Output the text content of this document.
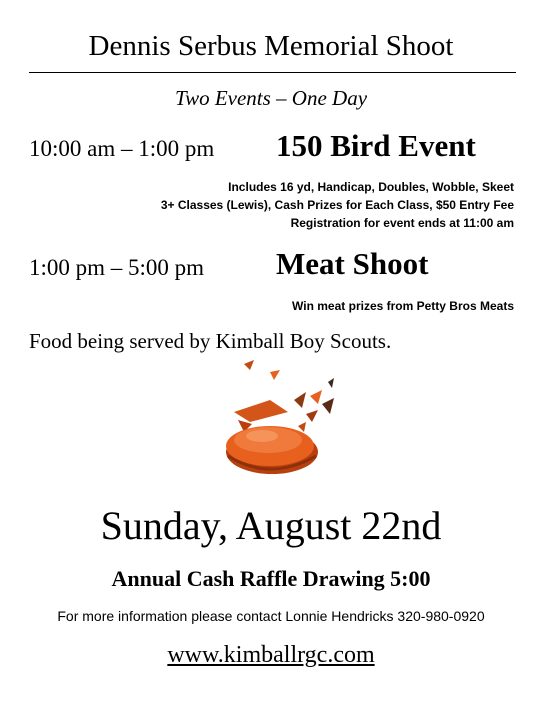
Dennis Serbus Memorial Shoot
Two Events – One Day
10:00 am – 1:00 pm 150 Bird Event
Includes 16 yd, Handicap, Doubles, Wobble, Skeet
3+ Classes (Lewis), Cash Prizes for Each Class, $50 Entry Fee
Registration for event ends at 11:00 am
1:00 pm – 5:00 pm Meat Shoot
Win meat prizes from Petty Bros Meats
Food being served by Kimball Boy Scouts.
Sunday, August 22nd
Annual Cash Raffle Drawing 5:00
For more information please contact Lonnie Hendricks 320-980-0920
www.kimballrgc.com
